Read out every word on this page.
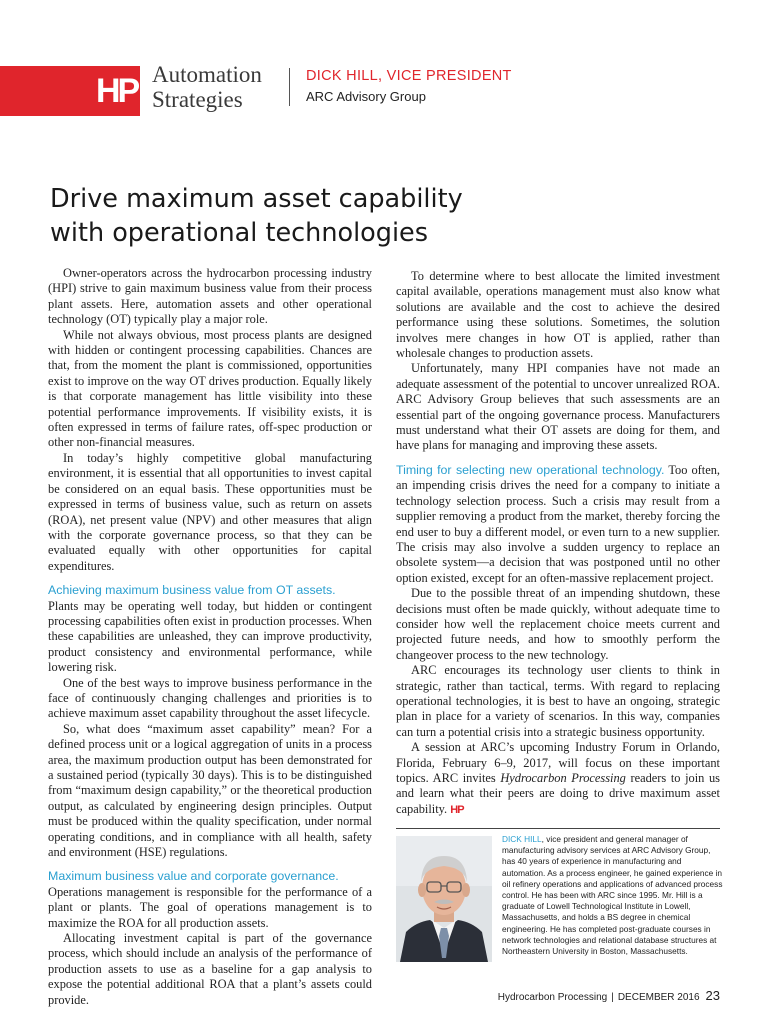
HP Automation
Strategies
DICK HILL, VICE PRESIDENT
ARC Advisory Group
Drive maximum asset capability
with operational technologies

Owner-operators across the hydrocarbon processing industry (HPI) strive to gain maximum business value from their process plant assets. Here, automation assets and other operational technology (OT) typically play a major role.

While not always obvious, most process plants are designed with hidden or contingent processing capabilities. Chances are that, from the moment the plant is commissioned, opportunities exist to improve on the way OT drives production. Equally likely is that corporate management has little visibility into these potential performance improvements. If visibility exists, it is often expressed in terms of failure rates, off-spec production or other non-financial measures.

In today’s highly competitive global manufacturing environment, it is essential that all opportunities to invest capital be considered on an equal basis. These opportunities must be expressed in terms of business value, such as return on assets (ROA), net present value (NPV) and other measures that align with the corporate governance process, so that they can be evaluated equally with other opportunities for capital expenditures.

Achieving maximum business value from OT assets.

Plants may be operating well today, but hidden or contingent processing capabilities often exist in production processes. When these capabilities are unleashed, they can improve productivity, product consistency and environmental performance, while lowering risk.

One of the best ways to improve business performance in the face of continuously changing challenges and priorities is to achieve maximum asset capability throughout the asset lifecycle.

So, what does “maximum asset capability” mean? For a defined process unit or a logical aggregation of units in a process area, the maximum production output has been demonstrated for a sustained period (typically 30 days). This is to be distinguished from “maximum design capability,” or the theoretical production output, as calculated by engineering design principles. Output must be produced within the quality specification, under normal operating conditions, and in compliance with all health, safety and environment (HSE) regulations.

Maximum business value and corporate governance.

Operations management is responsible for the performance of a plant or plants. The goal of operations management is to maximize the ROA for all production assets.

Allocating investment capital is part of the governance process, which should include an analysis of the performance of production assets to use as a baseline for a gap analysis to expose the potential additional ROA that a plant’s assets could provide.

To determine where to best allocate the limited investment capital available, operations management must also know what solutions are available and the cost to achieve the desired performance using these solutions. Sometimes, the solution involves mere changes in how OT is applied, rather than wholesale changes to production assets.

Unfortunately, many HPI companies have not made an adequate assessment of the potential to uncover unrealized ROA. ARC Advisory Group believes that such assessments are an essential part of the ongoing governance process. Manufacturers must understand what their OT assets are doing for them, and have plans for managing and improving these assets.

Timing for selecting new operational technology. Too often, an impending crisis drives the need for a company to initiate a technology selection process. Such a crisis may result from a supplier removing a product from the market, thereby forcing the end user to buy a different model, or even turn to a new supplier. The crisis may also involve a sudden urgency to replace an obsolete system—a decision that was postponed until no other option existed, except for an often-massive replacement project.

Due to the possible threat of an impending shutdown, these decisions must often be made quickly, without adequate time to consider how well the replacement choice meets current and projected future needs, and how to smoothly perform the changeover process to the new technology.

ARC encourages its technology user clients to think in strategic, rather than tactical, terms. With regard to replacing operational technologies, it is best to have an ongoing, strategic plan in place for a variety of scenarios. In this way, companies can turn a potential crisis into a strategic business opportunity.

A session at ARC’s upcoming Industry Forum in Orlando, Florida, February 6–9, 2017, will focus on these important topics. ARC invites Hydrocarbon Processing readers to join us and learn what their peers are doing to drive maximum asset capability. HP

DICK HILL, vice president and general manager of manufacturing advisory services at ARC Advisory Group, has 40 years of experience in manufacturing and automation. As a process engineer, he gained experience in oil refinery operations and applications of advanced process control. He has been with ARC since 1995. Mr. Hill is a graduate of Lowell Technological Institute in Lowell, Massachusetts, and holds a BS degree in chemical engineering. He has completed post-graduate courses in network technologies and relational database structures at Northeastern University in Boston, Massachusetts.
Hydrocarbon Processing | DECEMBER 2016 23
